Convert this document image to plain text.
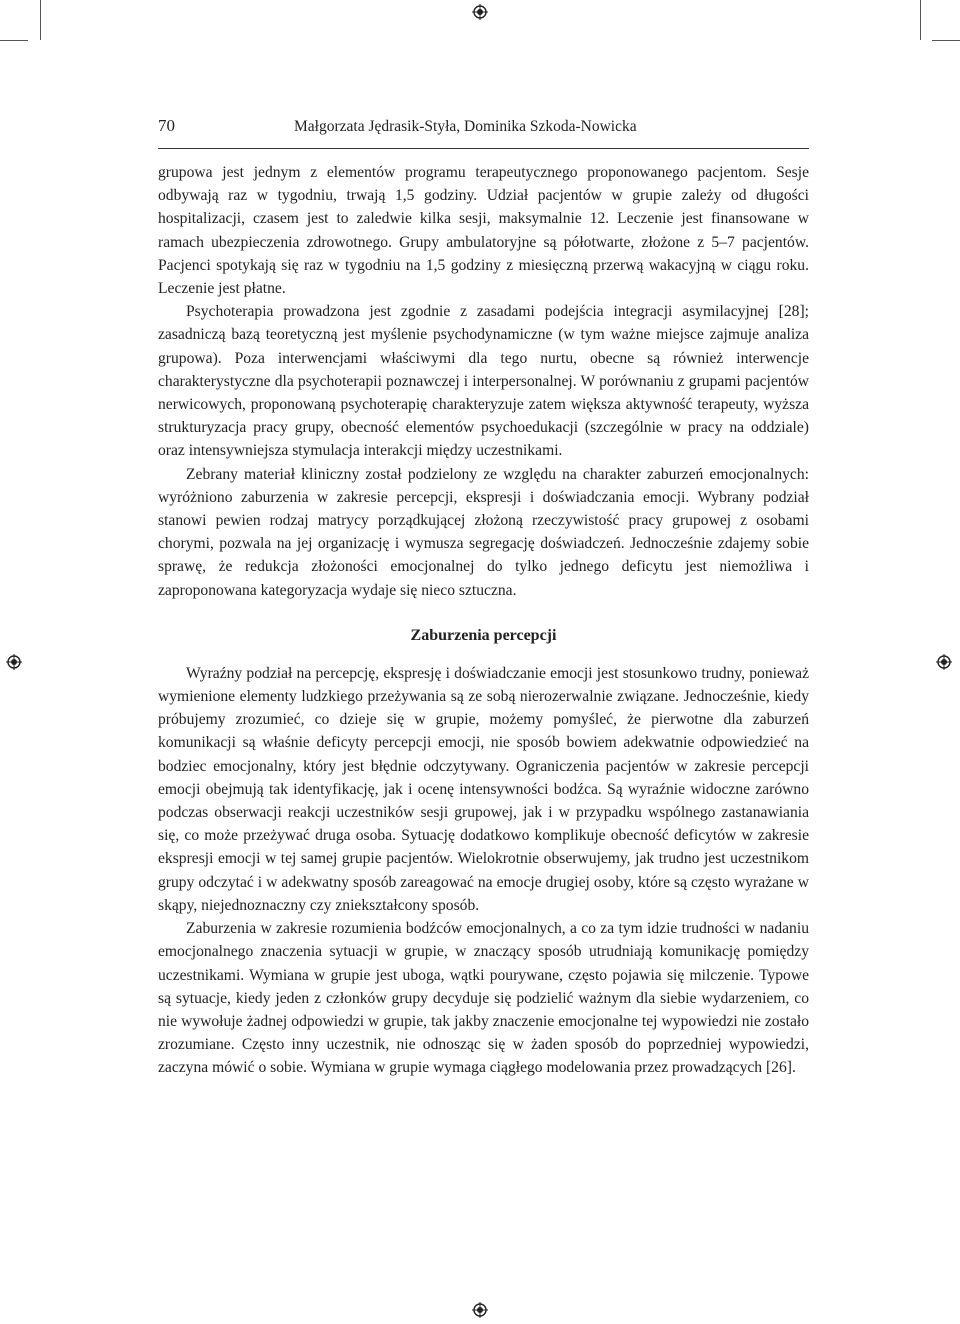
70	Małgorzata Jędrasik-Styła, Dominika Szkoda-Nowicka

grupowa jest jednym z elementów programu terapeutycznego proponowanego pacjentom. Sesje odbywają raz w tygodniu, trwają 1,5 godziny. Udział pacjentów w grupie zależy od długości hospitalizacji, czasem jest to zaledwie kilka sesji, maksymalnie 12. Leczenie jest finansowane w ramach ubezpieczenia zdrowotnego. Grupy ambulatoryjne są półotwarte, złożone z 5–7 pacjentów. Pacjenci spotykają się raz w tygodniu na 1,5 godziny z miesięczną przerwą wakacyjną w ciągu roku. Leczenie jest płatne.

Psychoterapia prowadzona jest zgodnie z zasadami podejścia integracji asymilacyjnej [28]; zasadniczą bazą teoretyczną jest myślenie psychodynamiczne (w tym ważne miejsce zajmuje analiza grupowa). Poza interwencjami właściwymi dla tego nurtu, obecne są również interwencje charakterystyczne dla psychoterapii poznawczej i interpersonalnej. W porównaniu z grupami pacjentów nerwicowych, proponowaną psychoterapię charakteryzuje zatem większa aktywność terapeuty, wyższa strukturyzacja pracy grupy, obecność elementów psychoedukacji (szczególnie w pracy na oddziale) oraz intensywniejsza stymulacja interakcji między uczestnikami.

Zebrany materiał kliniczny został podzielony ze względu na charakter zaburzeń emocjonalnych: wyróżniono zaburzenia w zakresie percepcji, ekspresji i doświadczania emocji. Wybrany podział stanowi pewien rodzaj matrycy porządkującej złożoną rzeczywistość pracy grupowej z osobami chorymi, pozwala na jej organizację i wymusza segregację doświadczeń. Jednocześnie zdajemy sobie sprawę, że redukcja złożoności emocjonalnej do tylko jednego deficytu jest niemożliwa i zaproponowana kategoryzacja wydaje się nieco sztuczna.

Zaburzenia percepcji

Wyraźny podział na percepcję, ekspresję i doświadczanie emocji jest stosunkowo trudny, ponieważ wymienione elementy ludzkiego przeżywania są ze sobą nierozerwalnie związane. Jednocześnie, kiedy próbujemy zrozumieć, co dzieje się w grupie, możemy pomyśleć, że pierwotne dla zaburzeń komunikacji są właśnie deficyty percepcji emocji, nie sposób bowiem adekwatnie odpowiedzieć na bodziec emocjonalny, który jest błędnie odczytywany. Ograniczenia pacjentów w zakresie percepcji emocji obejmują tak identyfikację, jak i ocenę intensywności bodźca. Są wyraźnie widoczne zarówno podczas obserwacji reakcji uczestników sesji grupowej, jak i w przypadku wspólnego zastanawiania się, co może przeżywać druga osoba. Sytuację dodatkowo komplikuje obecność deficytów w zakresie ekspresji emocji w tej samej grupie pacjentów. Wielokrotnie obserwujemy, jak trudno jest uczestnikom grupy odczytać i w adekwatny sposób zareagować na emocje drugiej osoby, które są często wyrażane w skąpy, niejednoznaczny czy zniekształcony sposób.

Zaburzenia w zakresie rozumienia bodźców emocjonalnych, a co za tym idzie trudności w nadaniu emocjonalnego znaczenia sytuacji w grupie, w znaczący sposób utrudniają komunikację pomiędzy uczestnikami. Wymiana w grupie jest uboga, wątki pourywane, często pojawia się milczenie. Typowe są sytuacje, kiedy jeden z członków grupy decyduje się podzielić ważnym dla siebie wydarzeniem, co nie wywołuje żadnej odpowiedzi w grupie, tak jakby znaczenie emocjonalne tej wypowiedzi nie zostało zrozumiane. Często inny uczestnik, nie odnosząc się w żaden sposób do poprzedniej wypowiedzi, zaczyna mówić o sobie. Wymiana w grupie wymaga ciągłego modelowania przez prowadzących [26].
